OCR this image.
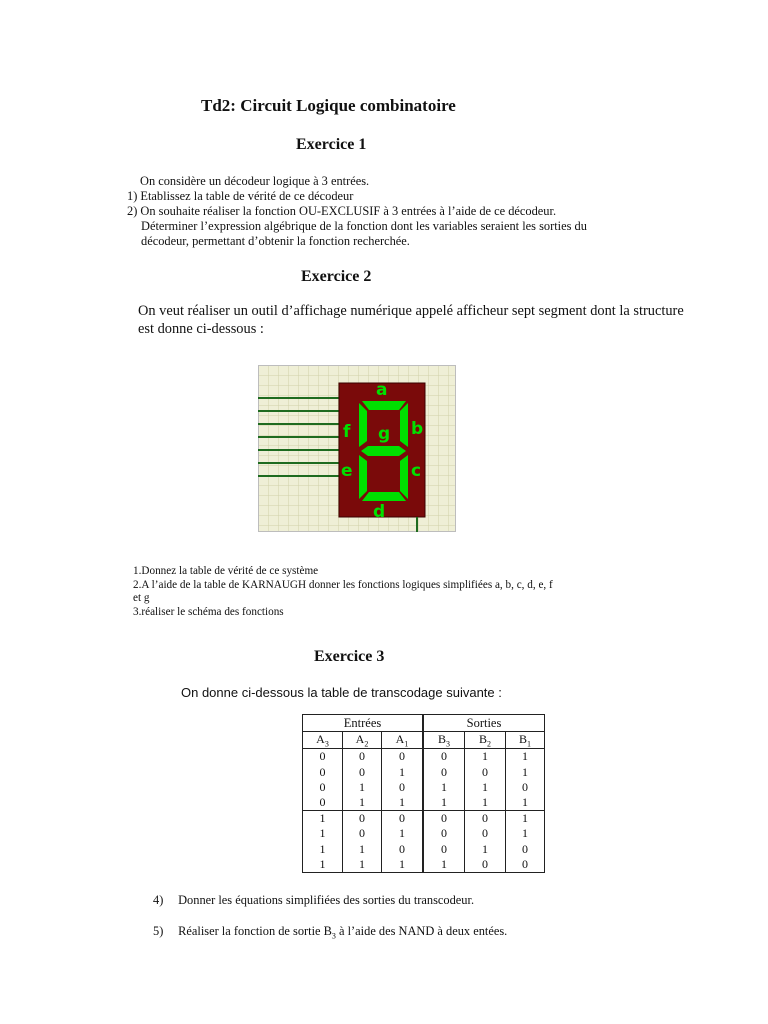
Td2: Circuit Logique combinatoire
Exercice 1
On considère un décodeur logique à 3 entrées.
1) Etablissez la table de vérité de ce décodeur
2) On souhaite réaliser la fonction OU-EXCLUSIF à 3 entrées à l’aide de ce décodeur.
Déterminer l’expression algébrique de la fonction dont les variables seraient les sorties du
décodeur, permettant d’obtenir la fonction recherchée.
Exercice 2
On veut réaliser un outil d’affichage numérique appelé afficheur sept segment dont la structure
est donne ci-dessous :
a
b
c
d
e
f g
1.Donnez la table de vérité de ce système
2.A l’aide de la table de KARNAUGH donner les fonctions logiques simplifiées a, b, c, d, e, f
et g
3.réaliser le schéma des fonctions
Exercice 3
On donne ci-dessous la table de transcodage suivante :
Entrées			Sorties		
$A_3$	$A_2$	$A_1$	$B_3$	$B_2$	$B_1$
0	0	0	0	1	1
0	0	1	0	0	1
0	1	0	1	1	0
0	1	1	1	1	1
1	0	0	0	0	1
1	0	1	0	0	1
1	1	0	0	1	0
1	1	1	1	0	0
4) Donner les équations simplifiées des sorties du transcodeur.
5) Réaliser la fonction de sortie $B_3$ à l’aide des NAND à deux entées.
